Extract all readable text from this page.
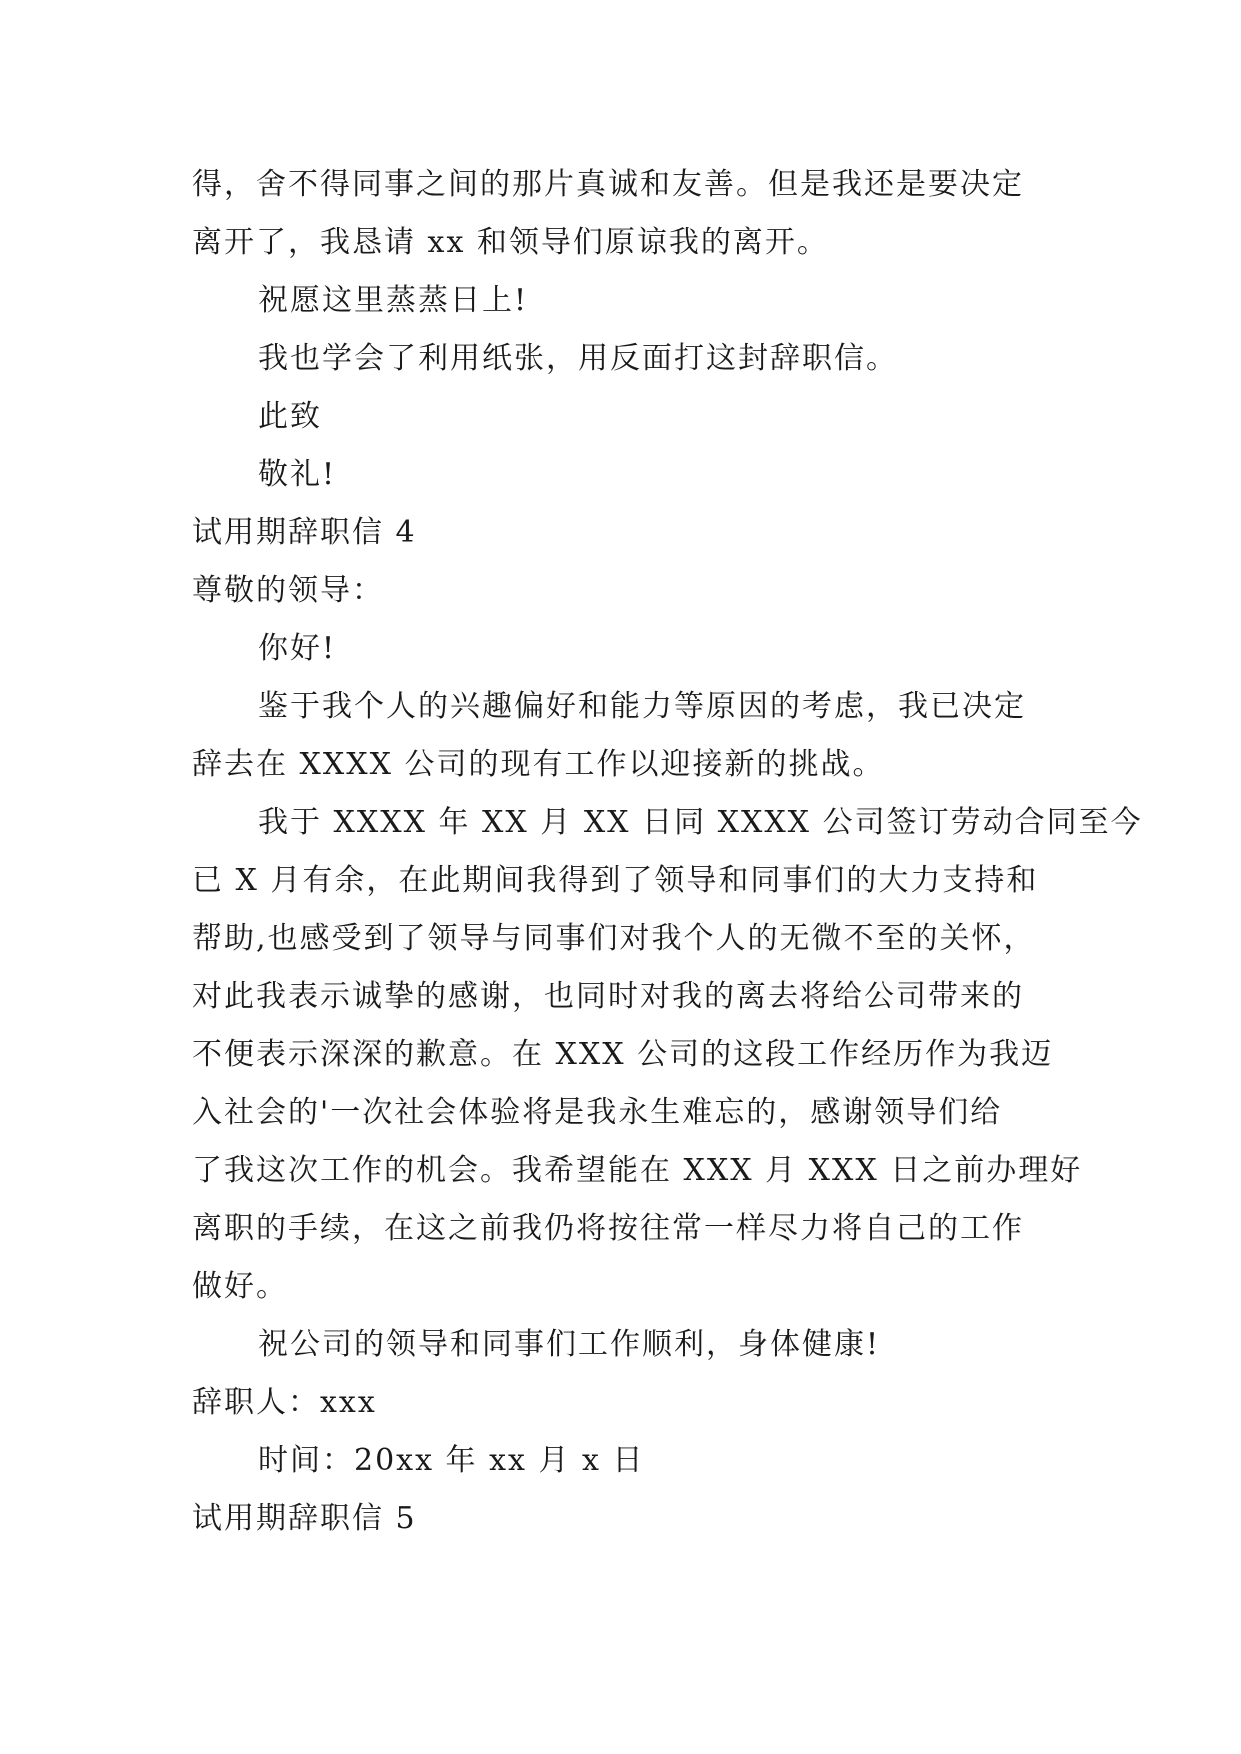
得，舍不得同事之间的那片真诚和友善。但是我还是要决定
离开了，我恳请 xx 和领导们原谅我的离开。
祝愿这里蒸蒸日上!
我也学会了利用纸张，用反面打这封辞职信。
此致
敬礼!
试用期辞职信 4
尊敬的领导：
你好!
鉴于我个人的兴趣偏好和能力等原因的考虑，我已决定
辞去在 XXXX 公司的现有工作以迎接新的挑战。
我于 XXXX 年 XX 月 XX 日同 XXXX 公司签订劳动合同至今
已 X 月有余，在此期间我得到了领导和同事们的大力支持和
帮助,也感受到了领导与同事们对我个人的无微不至的关怀，
对此我表示诚挚的感谢，也同时对我的离去将给公司带来的
不便表示深深的歉意。在 XXX 公司的这段工作经历作为我迈
入社会的'一次社会体验将是我永生难忘的，感谢领导们给
了我这次工作的机会。我希望能在 XXX 月 XXX 日之前办理好
离职的手续，在这之前我仍将按往常一样尽力将自己的工作
做好。
祝公司的领导和同事们工作顺利，身体健康!
辞职人：xxx
时间：20xx 年 xx 月 x 日
试用期辞职信 5
